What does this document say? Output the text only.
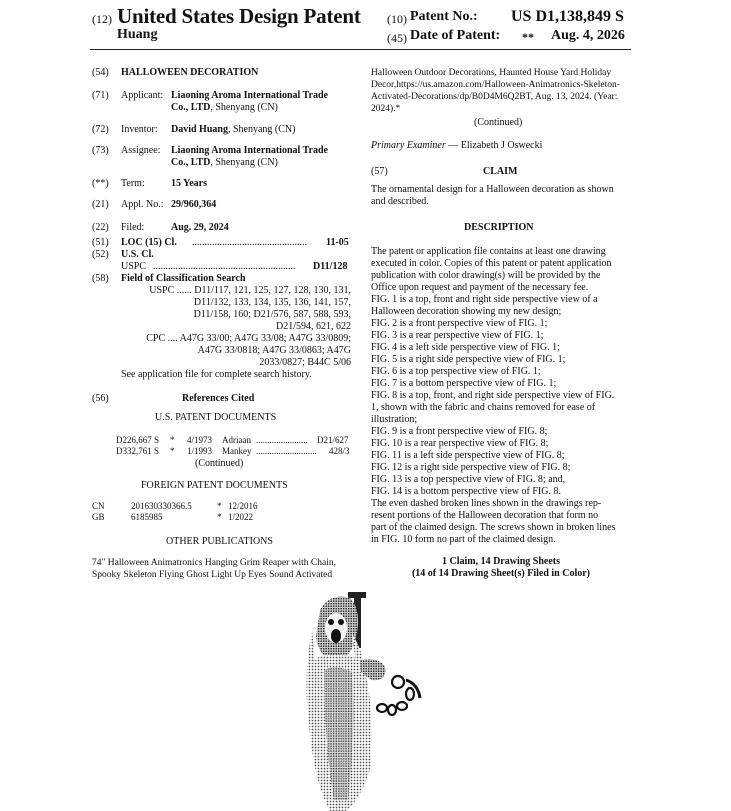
(12) United States Design Patent
Huang
(10) Patent No.: US D1,138,849 S
(45) Date of Patent: ** Aug. 4, 2026
(54) HALLOWEEN DECORATION
(71) Applicant: Liaoning Aroma International Trade
Co., LTD, Shenyang (CN)
(72) Inventor: David Huang, Shenyang (CN)
(73) Assignee: Liaoning Aroma International Trade
Co., LTD, Shenyang (CN)
(**) Term:	15 Years
(21) Appl. No.: 29/960,364
(22) Filed:	Aug. 29, 2024
(51) LOC (15) Cl. ..............................................	11-05
(52) U.S. Cl.
USPC .........................................................	D11/128
(58) Field of Classification Search
USPC ...... D11/117, 121, 125, 127, 128, 130, 131,
D11/132, 133, 134, 135, 136, 141, 157,
D11/158, 160; D21/576, 587, 588, 593,
D21/594, 621, 622
CPC .... A47G 33/00; A47G 33/08; A47G 33/0809;
A47G 33/0818; A47G 33/0863; A47G
2033/0827; B44C 5/06
See application file for complete search history.
(56)	References Cited
U.S. PATENT DOCUMENTS
D226,667 S * 4/1973 Adriaan .......................	D21/627
D332,761 S * 1/1993 Mankey ...........................	428/3
(Continued)
FOREIGN PATENT DOCUMENTS
CN	201630330366.5	* 12/2016
GB	6185985	* 1/2022
OTHER PUBLICATIONS
74" Halloween Animatronics Hanging Grim Reaper with Chain,
Spooky Skeleton Flying Ghost Light Up Eyes Sound Activated
Halloween Outdoor Decorations, Haunted House Yard Holiday
Decor,https://us.amazon.com/Halloween-Animatronics-Skeleton-
Activated-Decorations/dp/B0D4M6Q2BT, Aug. 13, 2024. (Year:
2024).*
(Continued)
Primary Examiner — Elizabeth J Oswecki
(57)	CLAIM
The ornamental design for a Halloween decoration as shown
and described.
DESCRIPTION
The patent or application file contains at least one drawing
executed in color. Copies of this patent or patent application
publication with color drawing(s) will be provided by the
Office upon request and payment of the necessary fee.
FIG. 1 is a top, front and right side perspective view of a
Halloween decoration showing my new design;
FIG. 2 is a front perspective view of FIG. 1;
FIG. 3 is a rear perspective view of FIG. 1;
FIG. 4 is a left side perspective view of FIG. 1;
FIG. 5 is a right side perspective view of FIG. 1;
FIG. 6 is a top perspective view of FIG. 1;
FIG. 7 is a bottom perspective view of FIG. 1;
FIG. 8 is a top, front, and right side perspective view of FIG.
1, shown with the fabric and chains removed for ease of
illustration;
FIG. 9 is a front perspective view of FIG. 8;
FIG. 10 is a rear perspective view of FIG. 8;
FIG. 11 is a left side perspective view of FIG. 8;
FIG. 12 is a right side perspective view of FIG. 8;
FIG. 13 is a top perspective view of FIG. 8; and,
FIG. 14 is a bottom perspective view of FIG. 8.
The even dashed broken lines shown in the drawings rep-
resent portions of the Halloween decoration that form no
part of the claimed design. The screws shown in broken lines
in FIG. 10 form no part of the claimed design.
1 Claim, 14 Drawing Sheets
(14 of 14 Drawing Sheet(s) Filed in Color)
